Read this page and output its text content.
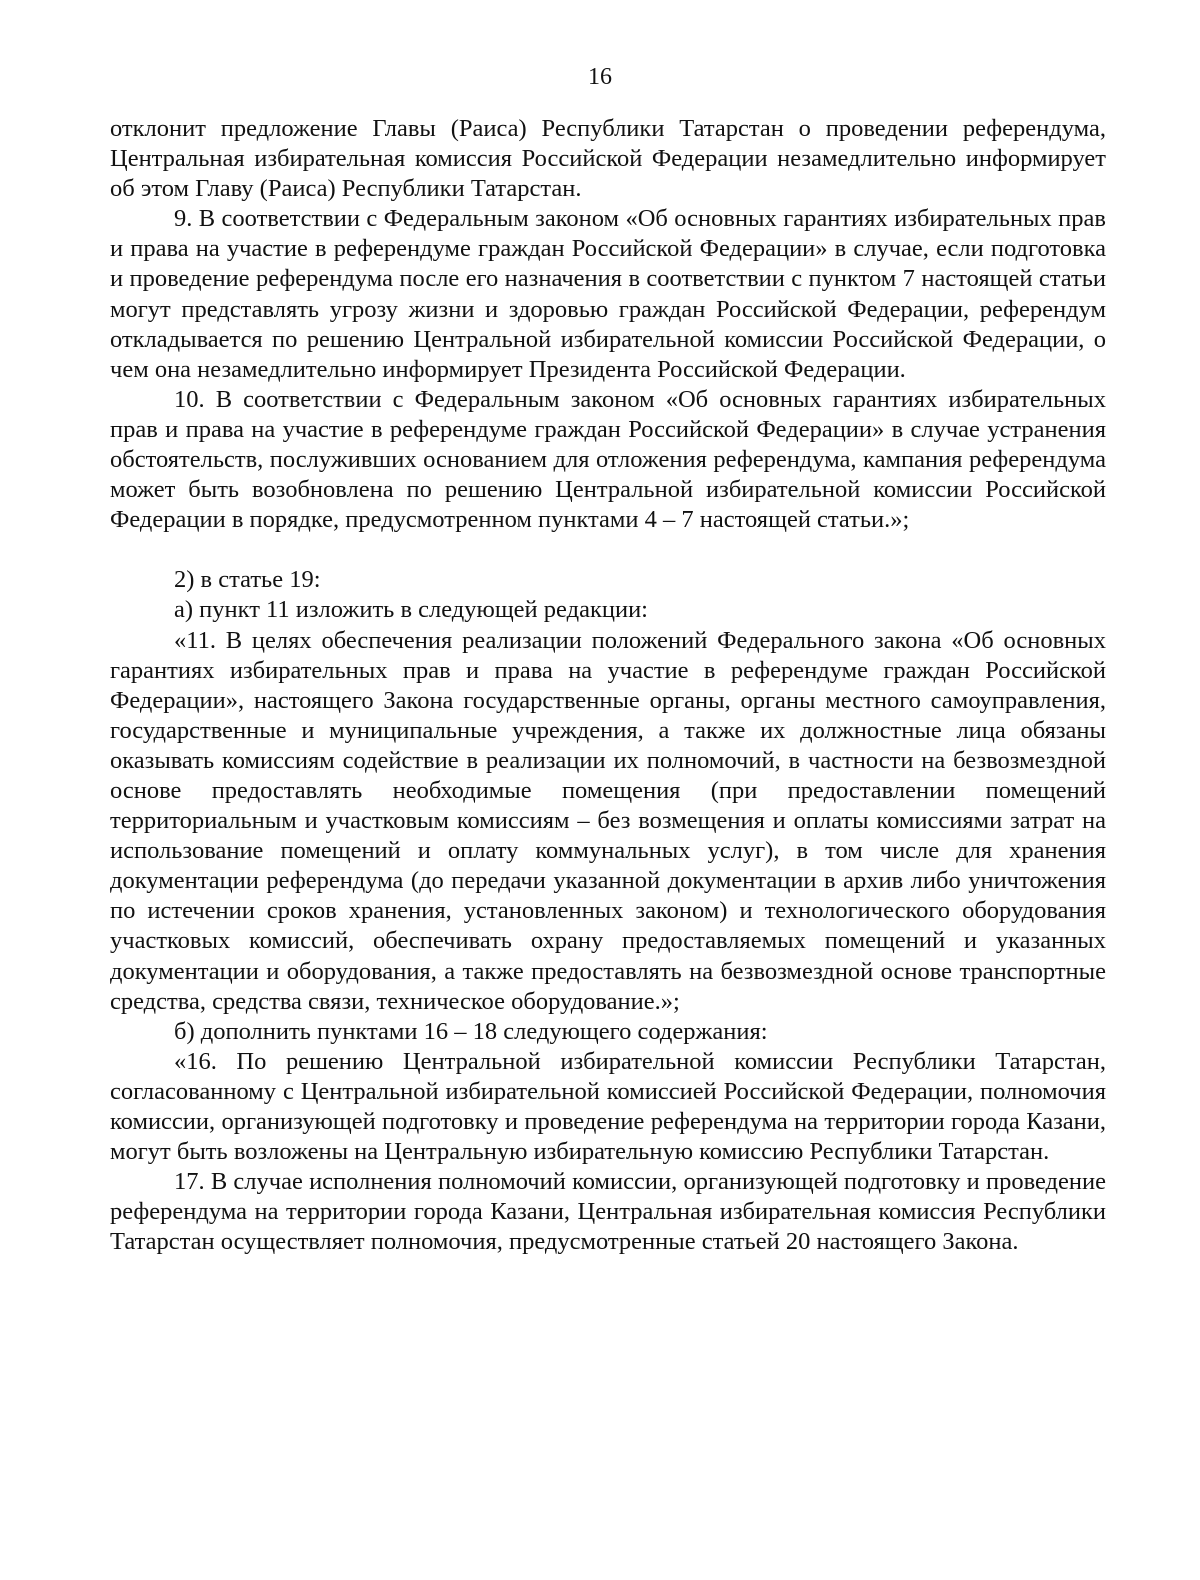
16

отклонит предложение Главы (Раиса) Республики Татарстан о проведении референдума, Центральная избирательная комиссия Российской Федерации незамедлительно информирует об этом Главу (Раиса) Республики Татарстан.

9. В соответствии с Федеральным законом «Об основных гарантиях избирательных прав и права на участие в референдуме граждан Российской Федерации» в случае, если подготовка и проведение референдума после его назначения в соответствии с пунктом 7 настоящей статьи могут представлять угрозу жизни и здоровью граждан Российской Федерации, референдум откладывается по решению Центральной избирательной комиссии Российской Федерации, о чем она незамедлительно информирует Президента Российской Федерации.

10. В соответствии с Федеральным законом «Об основных гарантиях избирательных прав и права на участие в референдуме граждан Российской Федерации» в случае устранения обстоятельств, послуживших основанием для отложения референдума, кампания референдума может быть возобновлена по решению Центральной избирательной комиссии Российской Федерации в порядке, предусмотренном пунктами 4 – 7 настоящей статьи.»;

2) в статье 19:

а) пункт 11 изложить в следующей редакции:

«11. В целях обеспечения реализации положений Федерального закона «Об основных гарантиях избирательных прав и права на участие в референдуме граждан Российской Федерации», настоящего Закона государственные органы, органы местного самоуправления, государственные и муниципальные учреждения, а также их должностные лица обязаны оказывать комиссиям содействие в реализации их полномочий, в частности на безвозмездной основе предоставлять необходимые помещения (при предоставлении помещений территориальным и участковым комиссиям – без возмещения и оплаты комиссиями затрат на использование помещений и оплату коммунальных услуг), в том числе для хранения документации референдума (до передачи указанной документации в архив либо уничтожения по истечении сроков хранения, установленных законом) и технологического оборудования участковых комиссий, обеспечивать охрану предоставляемых помещений и указанных документации и оборудования, а также предоставлять на безвозмездной основе транспортные средства, средства связи, техническое оборудование.»;

б) дополнить пунктами 16 – 18 следующего содержания:

«16. По решению Центральной избирательной комиссии Республики Татарстан, согласованному с Центральной избирательной комиссией Российской Федерации, полномочия комиссии, организующей подготовку и проведение референдума на территории города Казани, могут быть возложены на Центральную избирательную комиссию Республики Татарстан.

17. В случае исполнения полномочий комиссии, организующей подготовку и проведение референдума на территории города Казани, Центральная избирательная комиссия Республики Татарстан осуществляет полномочия, предусмотренные статьей 20 настоящего Закона.
